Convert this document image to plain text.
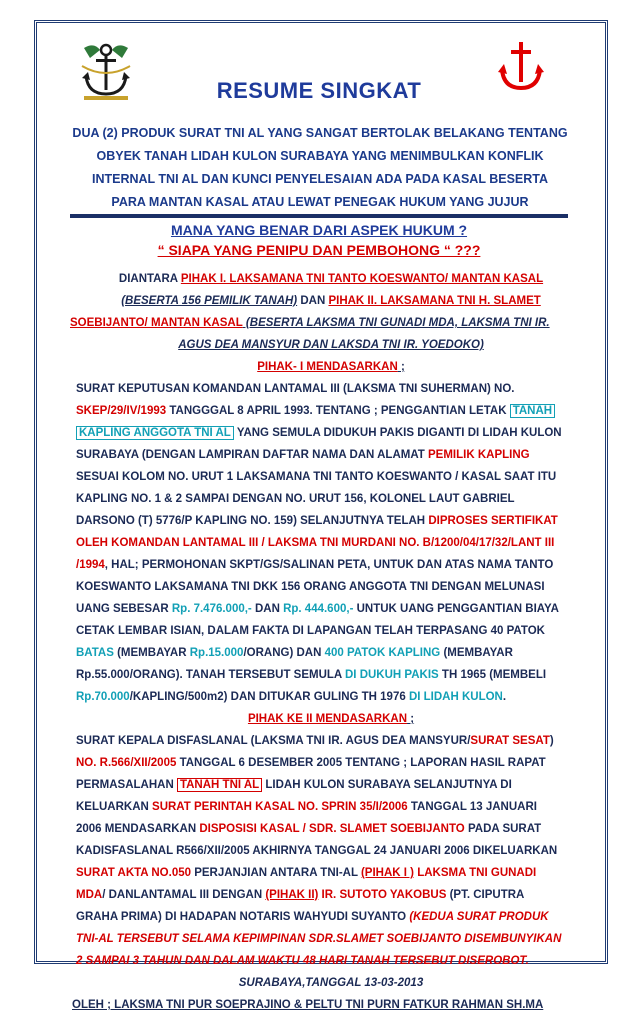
RESUME SINGKAT
DUA (2) PRODUK SURAT TNI AL YANG SANGAT BERTOLAK BELAKANG TENTANG
OBYEK TANAH LIDAH KULON SURABAYA YANG MENIMBULKAN KONFLIK
INTERNAL TNI AL DAN KUNCI PENYELESAIAN ADA PADA KASAL BESERTA
PARA MANTAN KASAL ATAU LEWAT PENEGAK HUKUM YANG JUJUR
MANA YANG BENAR DARI ASPEK HUKUM ?
“ SIAPA YANG PENIPU DAN PEMBOHONG “ ???
DIANTARA PIHAK I. LAKSAMANA TNI TANTO KOESWANTO/ MANTAN KASAL
(BESERTA 156 PEMILIK TANAH) DAN PIHAK II. LAKSAMANA TNI H. SLAMET
SOEBIJANTO/ MANTAN KASAL (BESERTA LAKSMA TNI GUNADI MDA, LAKSMA TNI IR.
AGUS DEA MANSYUR DAN LAKSDA TNI IR. YOEDOKO)
PIHAK- I MENDASARKAN ;
SURAT KEPUTUSAN KOMANDAN LANTAMAL III (LAKSMA TNI SUHERMAN) NO.
SKEP/29/IV/1993 TANGGGAL 8 APRIL 1993. TENTANG ; PENGGANTIAN LETAK TANAH
KAPLING ANGGOTA TNI AL YANG SEMULA DIDUKUH PAKIS DIGANTI DI LIDAH KULON
SURABAYA (DENGAN LAMPIRAN DAFTAR NAMA DAN ALAMAT PEMILIK KAPLING
SESUAI KOLOM NO. URUT 1 LAKSAMANA TNI TANTO KOESWANTO / KASAL SAAT ITU
KAPLING NO. 1 & 2 SAMPAI DENGAN NO. URUT 156, KOLONEL LAUT GABRIEL
DARSONO (T) 5776/P KAPLING NO. 159) SELANJUTNYA TELAH DIPROSES SERTIFIKAT
OLEH KOMANDAN LANTAMAL III / LAKSMA TNI MURDANI NO. B/1200/04/17/32/LANT III
/1994, HAL; PERMOHONAN SKPT/GS/SALINAN PETA, UNTUK DAN ATAS NAMA TANTO
KOESWANTO LAKSAMANA TNI DKK 156 ORANG ANGGOTA TNI DENGAN MELUNASI
UANG SEBESAR Rp. 7.476.000,- DAN Rp. 444.600,- UNTUK UANG PENGGANTIAN BIAYA
CETAK LEMBAR ISIAN, DALAM FAKTA DI LAPANGAN TELAH TERPASANG 40 PATOK
BATAS (MEMBAYAR Rp.15.000/ORANG) DAN 400 PATOK KAPLING (MEMBAYAR
Rp.55.000/ORANG). TANAH TERSEBUT SEMULA DI DUKUH PAKIS TH 1965 (MEMBELI
Rp.70.000/KAPLING/500m2) DAN DITUKAR GULING TH 1976 DI LIDAH KULON.
PIHAK KE II MENDASARKAN ;
SURAT KEPALA DISFASLANAL (LAKSMA TNI IR. AGUS DEA MANSYUR/SURAT SESAT)
NO. R.566/XII/2005 TANGGAL 6 DESEMBER 2005 TENTANG ; LAPORAN HASIL RAPAT
PERMASALAHAN TANAH TNI AL LIDAH KULON SURABAYA SELANJUTNYA DI
KELUARKAN SURAT PERINTAH KASAL NO. SPRIN 35/I/2006 TANGGAL 13 JANUARI
2006 MENDASARKAN DISPOSISI KASAL / SDR. SLAMET SOEBIJANTO PADA SURAT
KADISFASLANAL R566/XII/2005 AKHIRNYA TANGGAL 24 JANUARI 2006 DIKELUARKAN
SURAT AKTA NO.050 PERJANJIAN ANTARA TNI-AL (PIHAK I ) LAKSMA TNI GUNADI
MDA/ DANLANTAMAL III DENGAN (PIHAK II) IR. SUTOTO YAKOBUS (PT. CIPUTRA
GRAHA PRIMA) DI HADAPAN NOTARIS WAHYUDI SUYANTO (KEDUA SURAT PRODUK
TNI-AL TERSEBUT SELAMA KEPIMPINAN SDR.SLAMET SOEBIJANTO DISEMBUNYIKAN
2 SAMPAI 3 TAHUN DAN DALAM WAKTU 48 HARI TANAH TERSEBUT DISEROBOT.
SURABAYA,TANGGAL 13-03-2013
OLEH ; LAKSMA TNI PUR SOEPRAJINO & PELTU TNI PURN FATKUR RAHMAN SH.MA
